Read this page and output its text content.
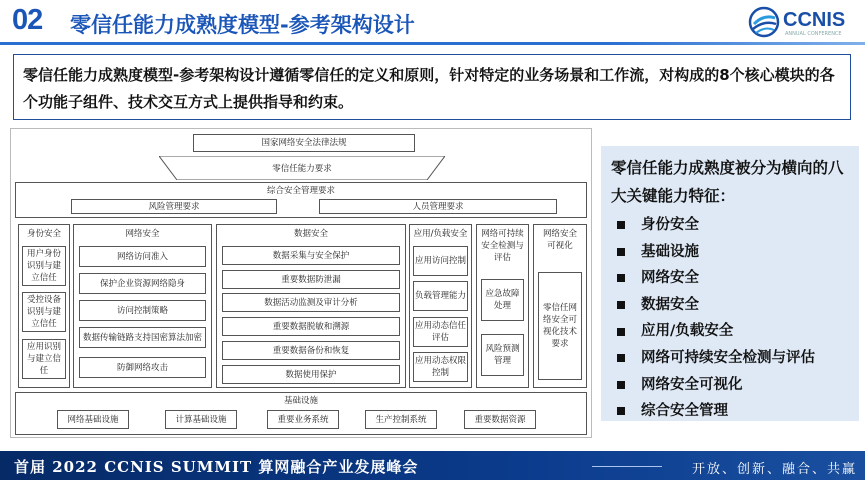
02 零信任能力成熟度模型-参考架构设计	CCNIS
ANNUAL CONFERENCE
零信任能力成熟度模型-参考架构设计遵循零信任的定义和原则，针对特定的业务场景和工作流，对构成的8个核心模块的各个功能子组件、技术交互方式上提供指导和约束。
国家网络安全法律法规
零信任能力要求
综合安全管理要求
风险管理要求	人员管理要求
身份安全
用户身份识别与建立信任
受控设备识别与建立信任
应用识别与建立信任
网络安全
网络访问准入
保护企业资源网络隐身
访问控制策略
数据传输链路支持国密算法加密
防御网络攻击
数据安全
数据采集与安全保护
重要数据防泄漏
数据活动监测及审计分析
重要数据脱敏和溯源
重要数据备份和恢复
数据使用保护
应用/负载安全
应用访问控制
负载管理能力
应用动态信任评估
应用动态权限控制
网络可持续安全检测与评估
应急故障处理
风险预测管理
网络安全可视化
零信任网络安全可视化技术要求
基础设施
网络基础设施	计算基础设施	重要业务系统	生产控制系统	重要数据资源
零信任能力成熟度被分为横向的八大关键能力特征：
身份安全
基础设施
网络安全
数据安全
应用/负载安全
网络可持续安全检测与评估
网络安全可视化
综合安全管理
首届 2022 CCNIS SUMMIT 算网融合产业发展峰会	开放、创新、融合、共赢
